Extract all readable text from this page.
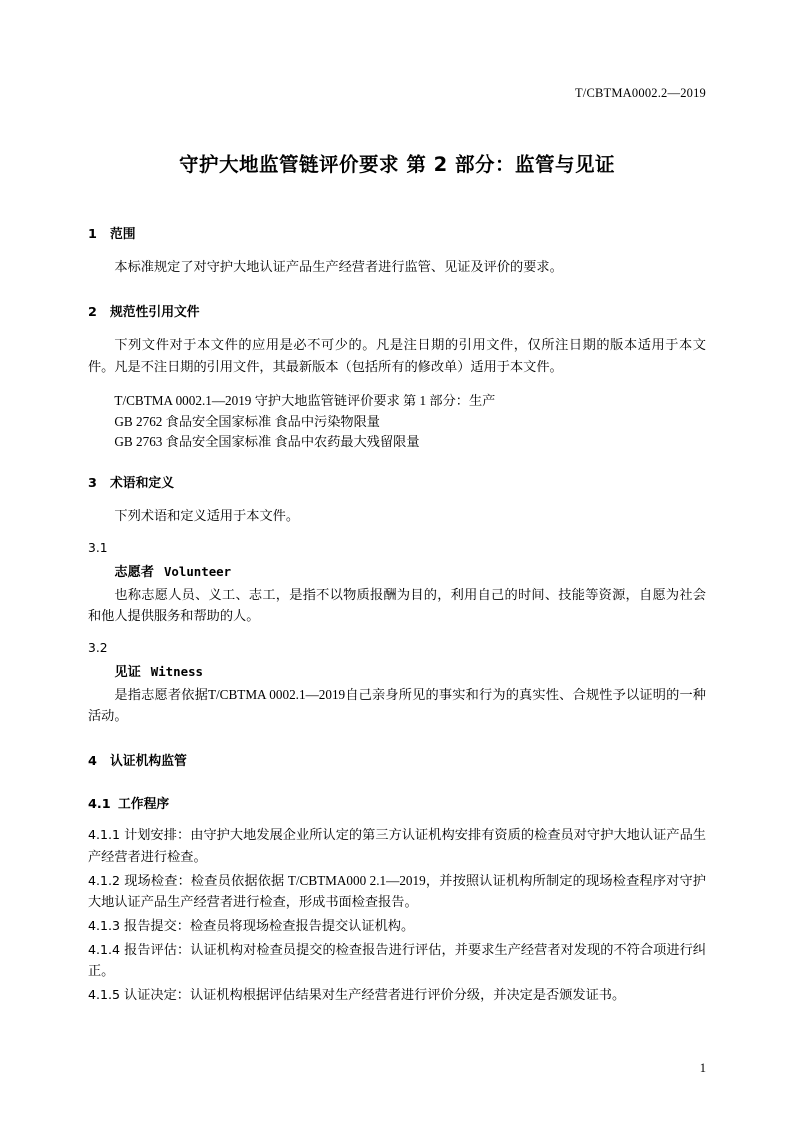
T/CBTMA0002.2—2019
守护大地监管链评价要求 第 2 部分：监管与见证
1 范围

本标准规定了对守护大地认证产品生产经营者进行监管、见证及评价的要求。

2 规范性引用文件

下列文件对于本文件的应用是必不可少的。凡是注日期的引用文件，仅所注日期的版本适用于本文件。凡是不注日期的引用文件，其最新版本（包括所有的修改单）适用于本文件。

T/CBTMA 0002.1—2019 守护大地监管链评价要求 第 1 部分：生产

GB 2762 食品安全国家标准 食品中污染物限量

GB 2763 食品安全国家标准 食品中农药最大残留限量

3 术语和定义

下列术语和定义适用于本文件。

3.1
志愿者 Volunteer

也称志愿人员、义工、志工，是指不以物质报酬为目的，利用自己的时间、技能等资源，自愿为社会和他人提供服务和帮助的人。

3.2
见证 Witness

是指志愿者依据T/CBTMA 0002.1—2019自己亲身所见的事实和行为的真实性、合规性予以证明的一种活动。

4 认证机构监管
4.1 工作程序

4.1.1 计划安排：由守护大地发展企业所认定的第三方认证机构安排有资质的检查员对守护大地认证产品生产经营者进行检查。

4.1.2 现场检查：检查员依据依据 T/CBTMA000 2.1—2019，并按照认证机构所制定的现场检查程序对守护大地认证产品生产经营者进行检查，形成书面检查报告。

4.1.3 报告提交：检查员将现场检查报告提交认证机构。

4.1.4 报告评估：认证机构对检查员提交的检查报告进行评估，并要求生产经营者对发现的不符合项进行纠正。

4.1.5 认证决定：认证机构根据评估结果对生产经营者进行评价分级，并决定是否颁发证书。

1
